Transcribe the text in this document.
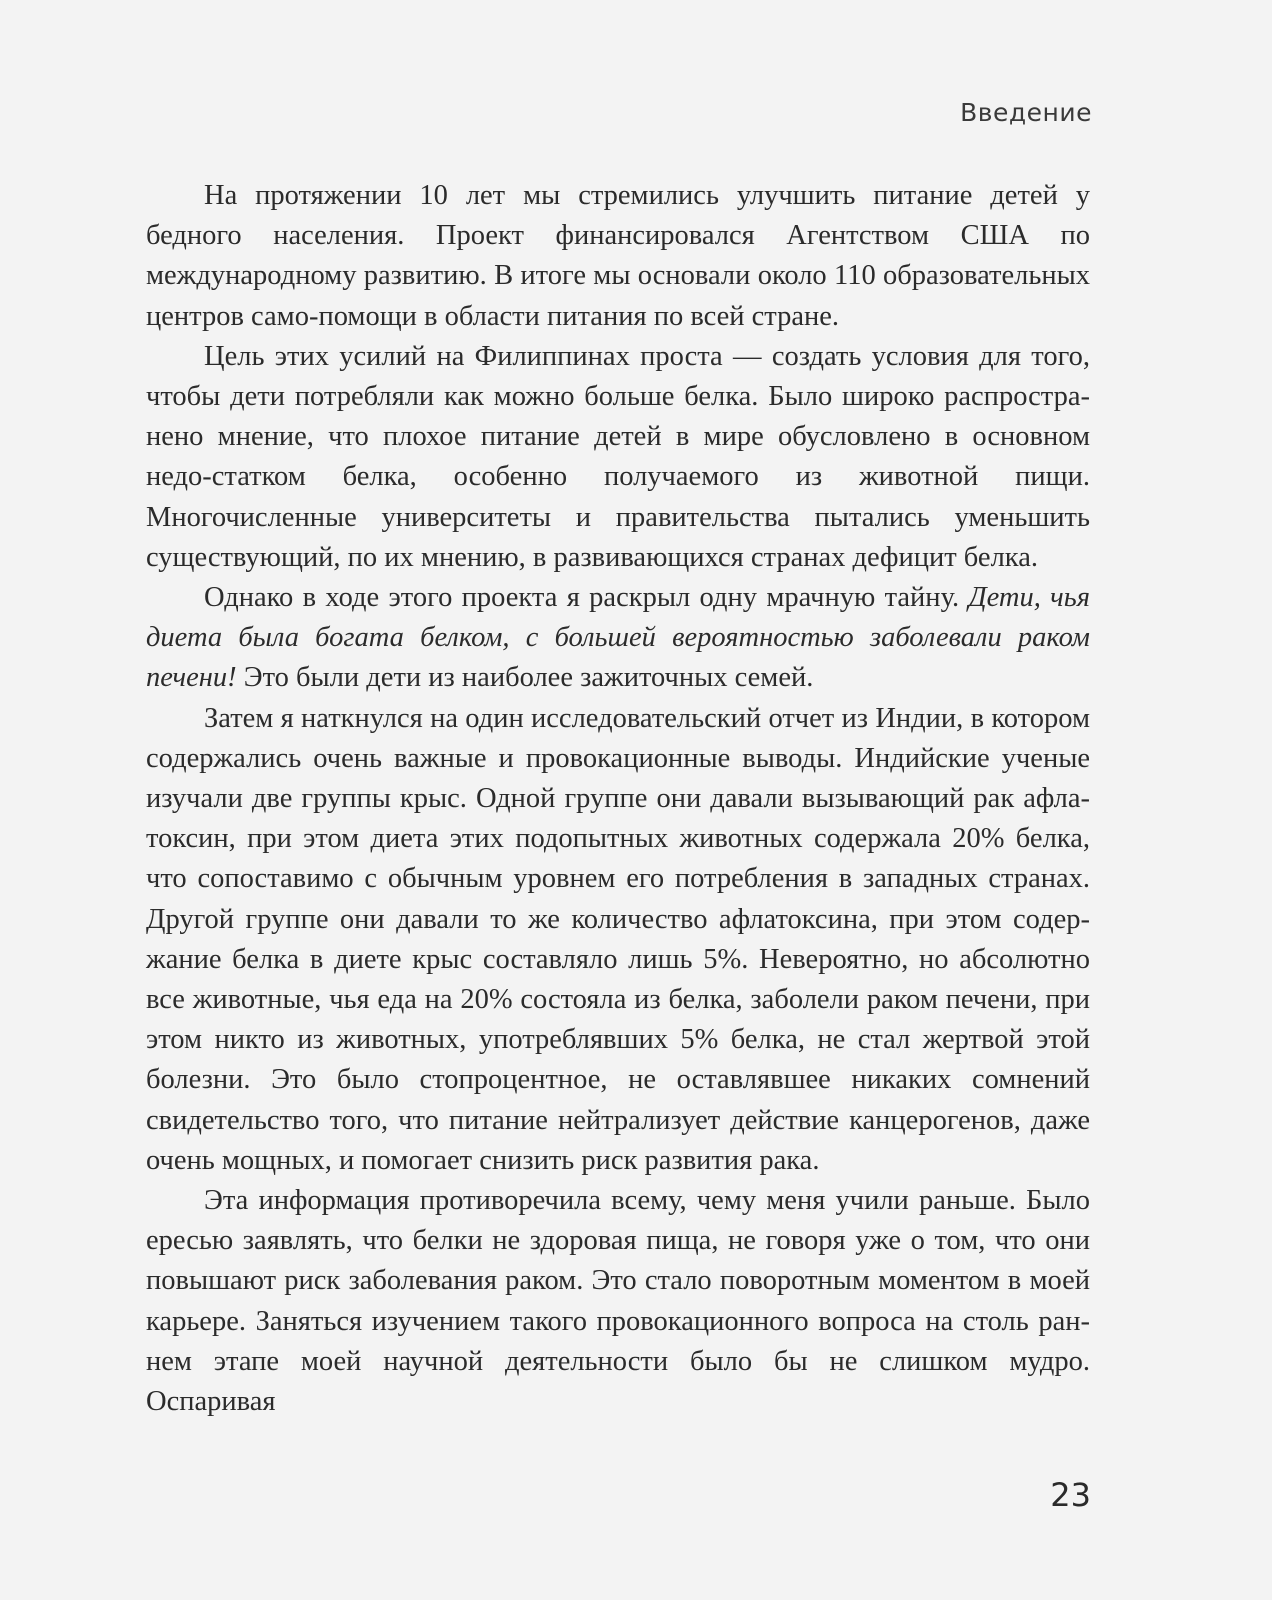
Введение

На протяжении 10 лет мы стремились улучшить питание детей у бедного населения. Проект финансировался Агентством США по международному развитию. В итоге мы основали около 110 образовательных центров само-помощи в области питания по всей стране.

Цель этих усилий на Филиппинах проста — создать условия для того, чтобы дети потребляли как можно больше белка. Было широко распростра-нено мнение, что плохое питание детей в мире обусловлено в основном недо-статком белка, особенно получаемого из животной пищи. Многочисленные университеты и правительства пытались уменьшить существующий, по их мнению, в развивающихся странах дефицит белка.

Однако в ходе этого проекта я раскрыл одну мрачную тайну. Дети, чья диета была богата белком, с большей вероятностью заболевали раком печени! Это были дети из наиболее зажиточных семей.

Затем я наткнулся на один исследовательский отчет из Индии, в котором содержались очень важные и провокационные выводы. Индийские ученые изучали две группы крыс. Одной группе они давали вызывающий рак афла-токсин, при этом диета этих подопытных животных содержала 20% белка, что сопоставимо с обычным уровнем его потребления в западных странах. Другой группе они давали то же количество афлатоксина, при этом содер-жание белка в диете крыс составляло лишь 5%. Невероятно, но абсолютно все животные, чья еда на 20% состояла из белка, заболели раком печени, при этом никто из животных, употреблявших 5% белка, не стал жертвой этой болезни. Это было стопроцентное, не оставлявшее никаких сомнений свидетельство того, что питание нейтрализует действие канцерогенов, даже очень мощных, и помогает снизить риск развития рака.

Эта информация противоречила всему, чему меня учили раньше. Было ересью заявлять, что белки не здоровая пища, не говоря уже о том, что они повышают риск заболевания раком. Это стало поворотным моментом в моей карьере. Заняться изучением такого провокационного вопроса на столь ран-нем этапе моей научной деятельности было бы не слишком мудро. Оспаривая

23
